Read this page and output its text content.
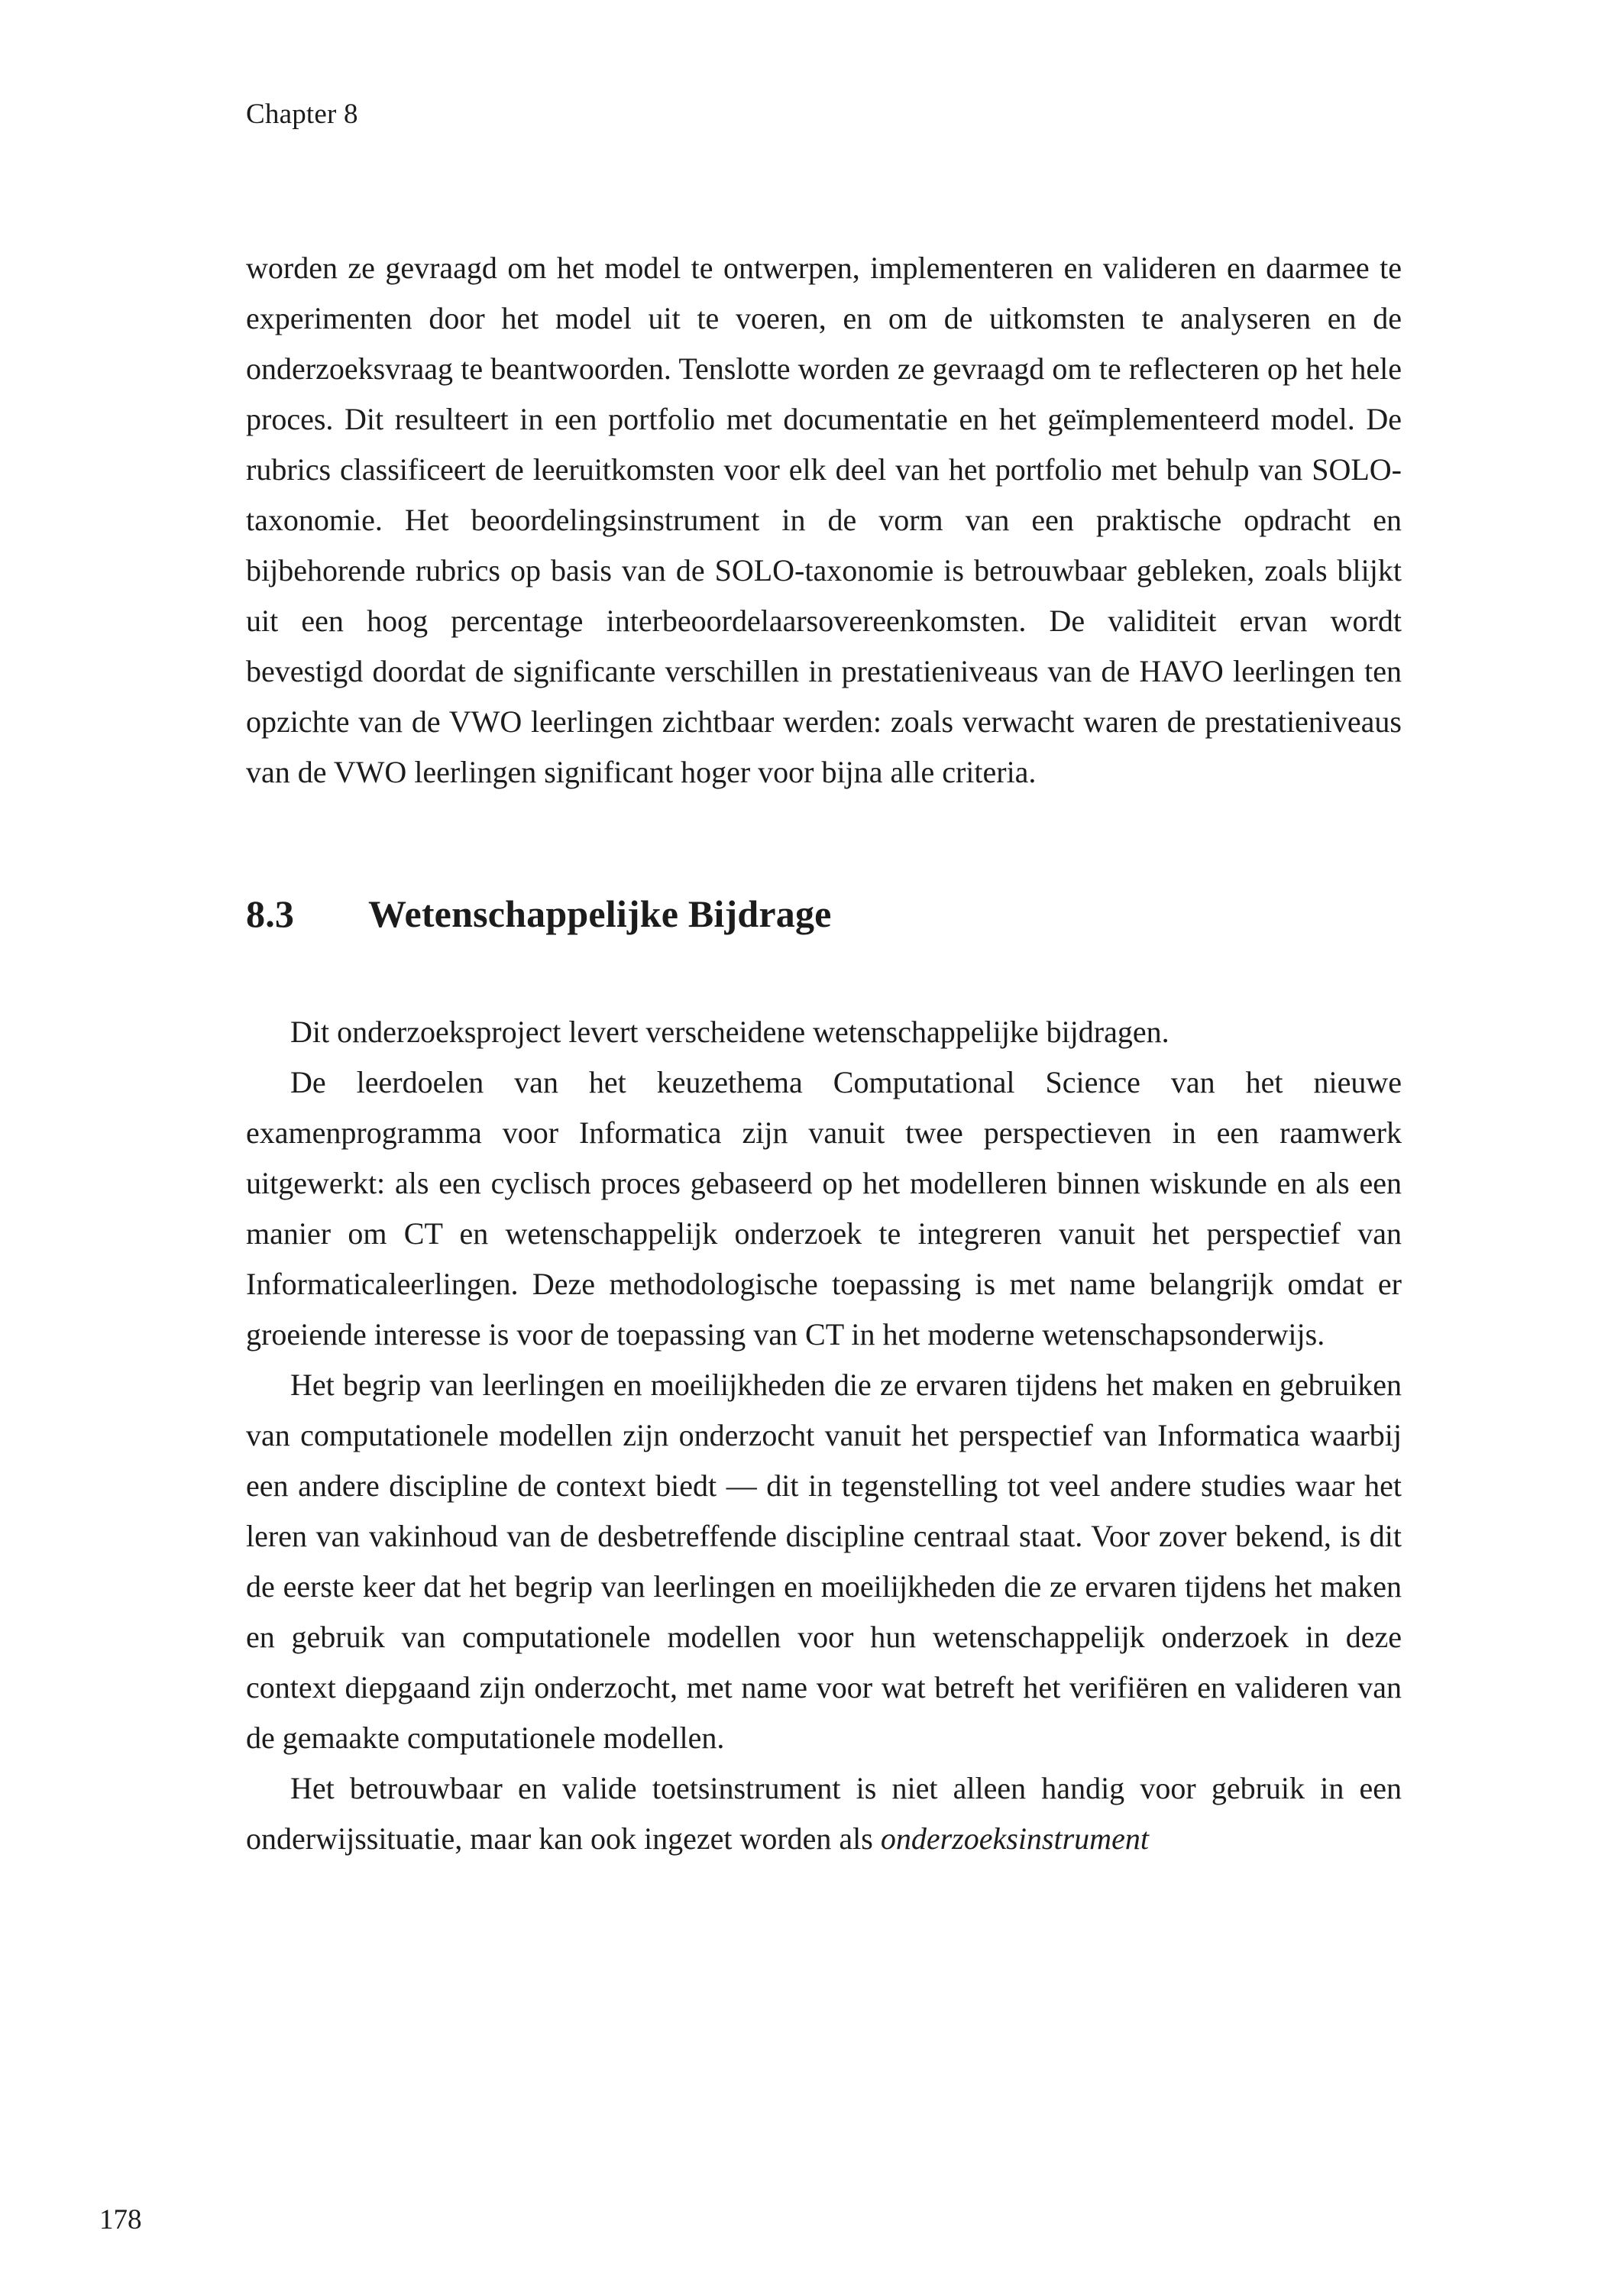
Chapter 8

worden ze gevraagd om het model te ontwerpen, implementeren en valideren en daarmee te experimenten door het model uit te voeren, en om de uitkomsten te analyseren en de onderzoeksvraag te beantwoorden. Tenslotte worden ze gevraagd om te reflecteren op het hele proces. Dit resulteert in een portfolio met documentatie en het geïmplementeerd model. De rubrics classificeert de leeruitkomsten voor elk deel van het portfolio met behulp van SOLO-taxonomie. Het beoordelingsinstrument in de vorm van een praktische opdracht en bijbehorende rubrics op basis van de SOLO-taxonomie is betrouwbaar gebleken, zoals blijkt uit een hoog percentage interbeoordelaarsovereenkomsten. De validiteit ervan wordt bevestigd doordat de significante verschillen in prestatieniveaus van de HAVO leerlingen ten opzichte van de VWO leerlingen zichtbaar werden: zoals verwacht waren de prestatieniveaus van de VWO leerlingen significant hoger voor bijna alle criteria.

8.3 Wetenschappelijke Bijdrage

Dit onderzoeksproject levert verscheidene wetenschappelijke bijdragen.

De leerdoelen van het keuzethema Computational Science van het nieuwe examenprogramma voor Informatica zijn vanuit twee perspectieven in een raamwerk uitgewerkt: als een cyclisch proces gebaseerd op het modelleren binnen wiskunde en als een manier om CT en wetenschappelijk onderzoek te integreren vanuit het perspectief van Informaticaleerlingen. Deze methodologische toepassing is met name belangrijk omdat er groeiende interesse is voor de toepassing van CT in het moderne wetenschapsonderwijs.

Het begrip van leerlingen en moeilijkheden die ze ervaren tijdens het maken en gebruiken van computationele modellen zijn onderzocht vanuit het perspectief van Informatica waarbij een andere discipline de context biedt — dit in tegenstelling tot veel andere studies waar het leren van vakinhoud van de desbetreffende discipline centraal staat. Voor zover bekend, is dit de eerste keer dat het begrip van leerlingen en moeilijkheden die ze ervaren tijdens het maken en gebruik van computationele modellen voor hun wetenschappelijk onderzoek in deze context diepgaand zijn onderzocht, met name voor wat betreft het verifiëren en valideren van de gemaakte computationele modellen.

Het betrouwbaar en valide toetsinstrument is niet alleen handig voor gebruik in een onderwijssituatie, maar kan ook ingezet worden als onderzoeksinstrument

178
